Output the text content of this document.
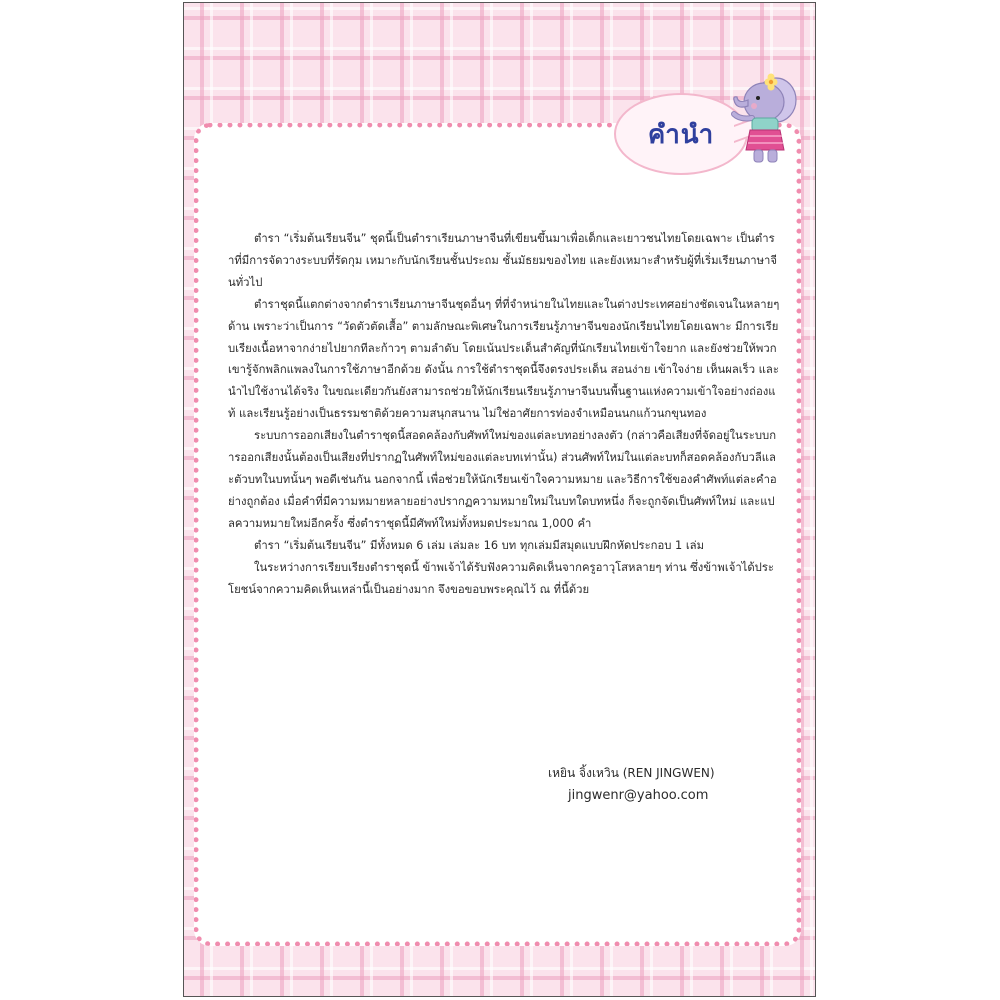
คำนำ

ตำรา “เริ่มต้นเรียนจีน” ชุดนี้เป็นตำราเรียนภาษาจีนที่เขียนขึ้นมาเพื่อเด็กและเยาวชนไทยโดยเฉพาะ เป็นตำราที่มีการจัดวางระบบที่รัดกุม เหมาะกับนักเรียนชั้นประถม ชั้นมัธยมของไทย และยังเหมาะสำหรับผู้ที่เริ่มเรียนภาษาจีนทั่วไป

ตำราชุดนี้แตกต่างจากตำราเรียนภาษาจีนชุดอื่นๆ ที่ที่จำหน่ายในไทยและในต่างประเทศอย่างชัดเจนในหลายๆ ด้าน เพราะว่าเป็นการ “วัดตัวตัดเสื้อ” ตามลักษณะพิเศษในการเรียนรู้ภาษาจีนของนักเรียนไทยโดยเฉพาะ มีการเรียบเรียงเนื้อหาจากง่ายไปยากทีละก้าวๆ ตามลำดับ โดยเน้นประเด็นสำคัญที่นักเรียนไทยเข้าใจยาก และยังช่วยให้พวกเขารู้จักพลิกแพลงในการใช้ภาษาอีกด้วย ดังนั้น การใช้ตำราชุดนี้จึงตรงประเด็น สอนง่าย เข้าใจง่าย เห็นผลเร็ว และนำไปใช้งานได้จริง ในขณะเดียวกันยังสามารถช่วยให้นักเรียนเรียนรู้ภาษาจีนบนพื้นฐานแห่งความเข้าใจอย่างถ่องแท้ และเรียนรู้อย่างเป็นธรรมชาติด้วยความสนุกสนาน ไม่ใช่อาศัยการท่องจำเหมือนนกแก้วนกขุนทอง

ระบบการออกเสียงในตำราชุดนี้สอดคล้องกับศัพท์ใหม่ของแต่ละบทอย่างลงตัว (กล่าวคือเสียงที่จัดอยู่ในระบบการออกเสียงนั้นต้องเป็นเสียงที่ปรากฏในศัพท์ใหม่ของแต่ละบทเท่านั้น) ส่วนศัพท์ใหม่ในแต่ละบทก็สอดคล้องกับวลีและตัวบทในบทนั้นๆ พอดีเช่นกัน นอกจากนี้ เพื่อช่วยให้นักเรียนเข้าใจความหมาย และวิธีการใช้ของคำศัพท์แต่ละคำอย่างถูกต้อง เมื่อคำที่มีความหมายหลายอย่างปรากฏความหมายใหม่ในบทใดบทหนึ่ง ก็จะถูกจัดเป็นศัพท์ใหม่ และแปลความหมายใหม่อีกครั้ง ซึ่งตำราชุดนี้มีศัพท์ใหม่ทั้งหมดประมาณ 1,000 คำ

ตำรา “เริ่มต้นเรียนจีน” มีทั้งหมด 6 เล่ม เล่มละ 16 บท ทุกเล่มมีสมุดแบบฝึกหัดประกอบ 1 เล่ม

ในระหว่างการเรียบเรียงตำราชุดนี้ ข้าพเจ้าได้รับฟังความคิดเห็นจากครูอาวุโสหลายๆ ท่าน ซึ่งข้าพเจ้าได้ประโยชน์จากความคิดเห็นเหล่านี้เป็นอย่างมาก จึงขอขอบพระคุณไว้ ณ ที่นี้ด้วย

เหยิน จิ้งเหวิน (REN JINGWEN)
jingwenr@yahoo.com
